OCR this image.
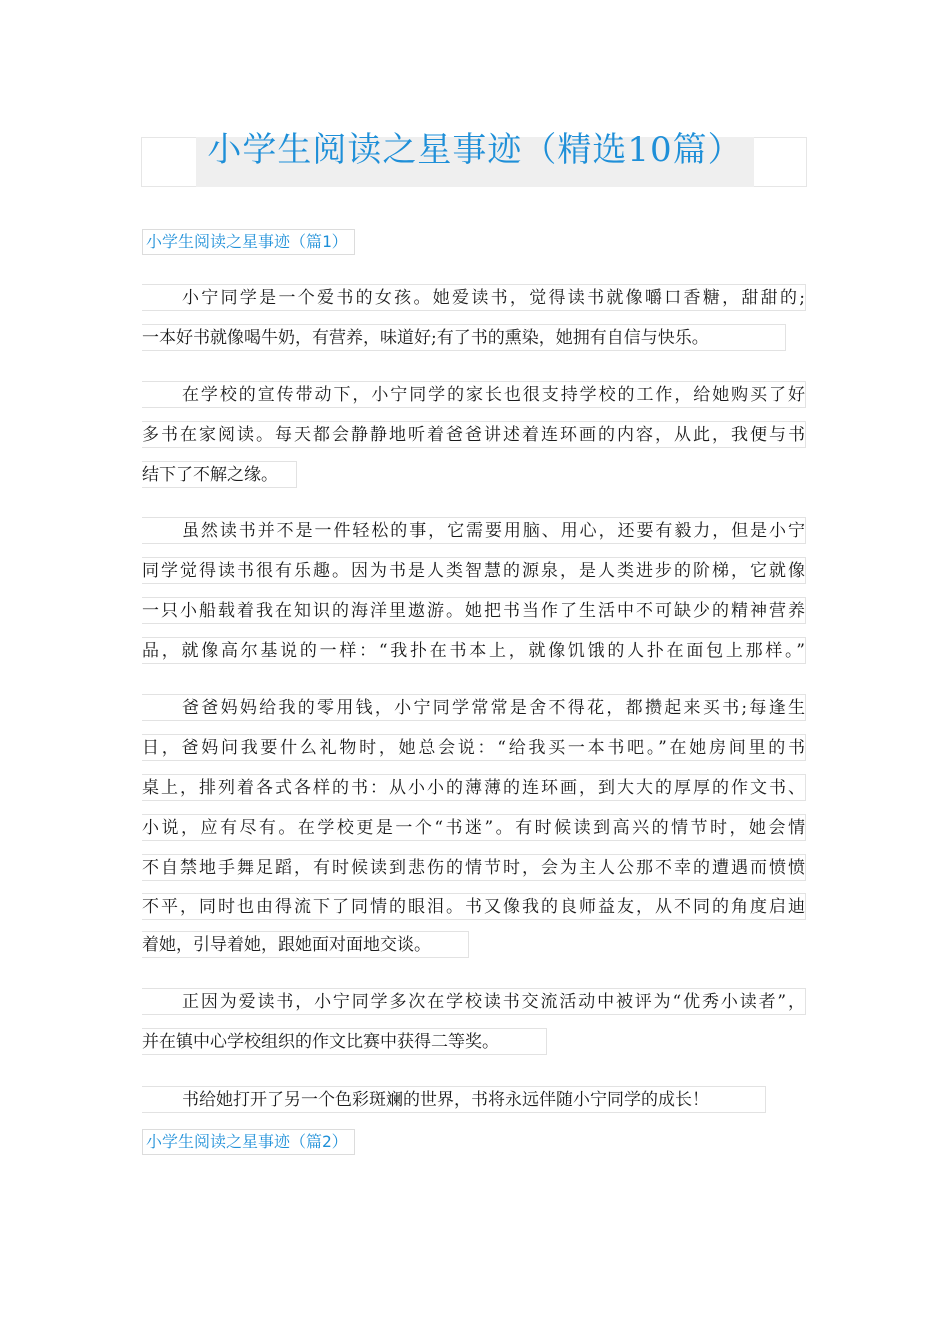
小学生阅读之星事迹（精选10篇）
小学生阅读之星事迹（篇1）
小宁同学是一个爱书的女孩。她爱读书，觉得读书就像嚼口香糖，甜甜的;
一本好书就像喝牛奶，有营养，味道好;有了书的熏染，她拥有自信与快乐。
在学校的宣传带动下，小宁同学的家长也很支持学校的工作，给她购买了好
多书在家阅读。每天都会静静地听着爸爸讲述着连环画的内容，从此，我便与书
结下了不解之缘。
虽然读书并不是一件轻松的事，它需要用脑、用心，还要有毅力，但是小宁
同学觉得读书很有乐趣。因为书是人类智慧的源泉，是人类进步的阶梯，它就像
一只小船载着我在知识的海洋里遨游。她把书当作了生活中不可缺少的精神营养
品，就像高尔基说的一样：“我扑在书本上，就像饥饿的人扑在面包上那样。”
爸爸妈妈给我的零用钱，小宁同学常常是舍不得花，都攒起来买书;每逢生
日，爸妈问我要什么礼物时，她总会说：“给我买一本书吧。”在她房间里的书
桌上，排列着各式各样的书：从小小的薄薄的连环画，到大大的厚厚的作文书、
小说，应有尽有。在学校更是一个“书迷”。有时候读到高兴的情节时，她会情
不自禁地手舞足蹈，有时候读到悲伤的情节时，会为主人公那不幸的遭遇而愤愤
不平，同时也由得流下了同情的眼泪。书又像我的良师益友，从不同的角度启迪
着她，引导着她，跟她面对面地交谈。
正因为爱读书，小宁同学多次在学校读书交流活动中被评为“优秀小读者”，
并在镇中心学校组织的作文比赛中获得二等奖。
书给她打开了另一个色彩斑斓的世界，书将永远伴随小宁同学的成长！
小学生阅读之星事迹（篇2）
